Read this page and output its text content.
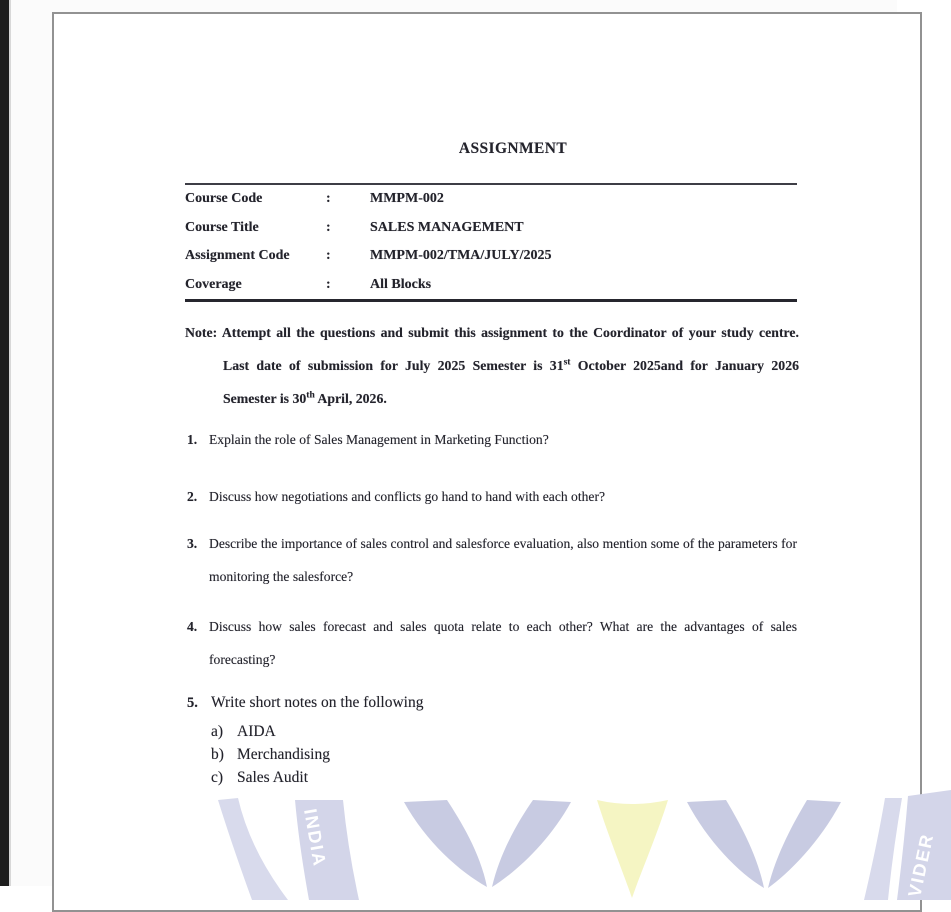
ASSIGNMENT
Course Code	:	MMPM-002
Course Title	:	SALES MANAGEMENT
Assignment Code	:	MMPM-002/TMA/JULY/2025
Coverage	:	All Blocks

Note: Attempt all the questions and submit this assignment to the Coordinator of your study centre. Last date of submission for July 2025 Semester is 31st October 2025and for January 2026 Semester is 30th April, 2026.

1. Explain the role of Sales Management in Marketing Function?
2. Discuss how negotiations and conflicts go hand to hand with each other?
3. Describe the importance of sales control and salesforce evaluation, also mention some of the parameters for monitoring the salesforce?
4. Discuss how sales forecast and sales quota relate to each other? What are the advantages of sales forecasting?
5. Write short notes on the following
a) AIDA
b) Merchandising
c) Sales Audit
INDIA	VIDER
